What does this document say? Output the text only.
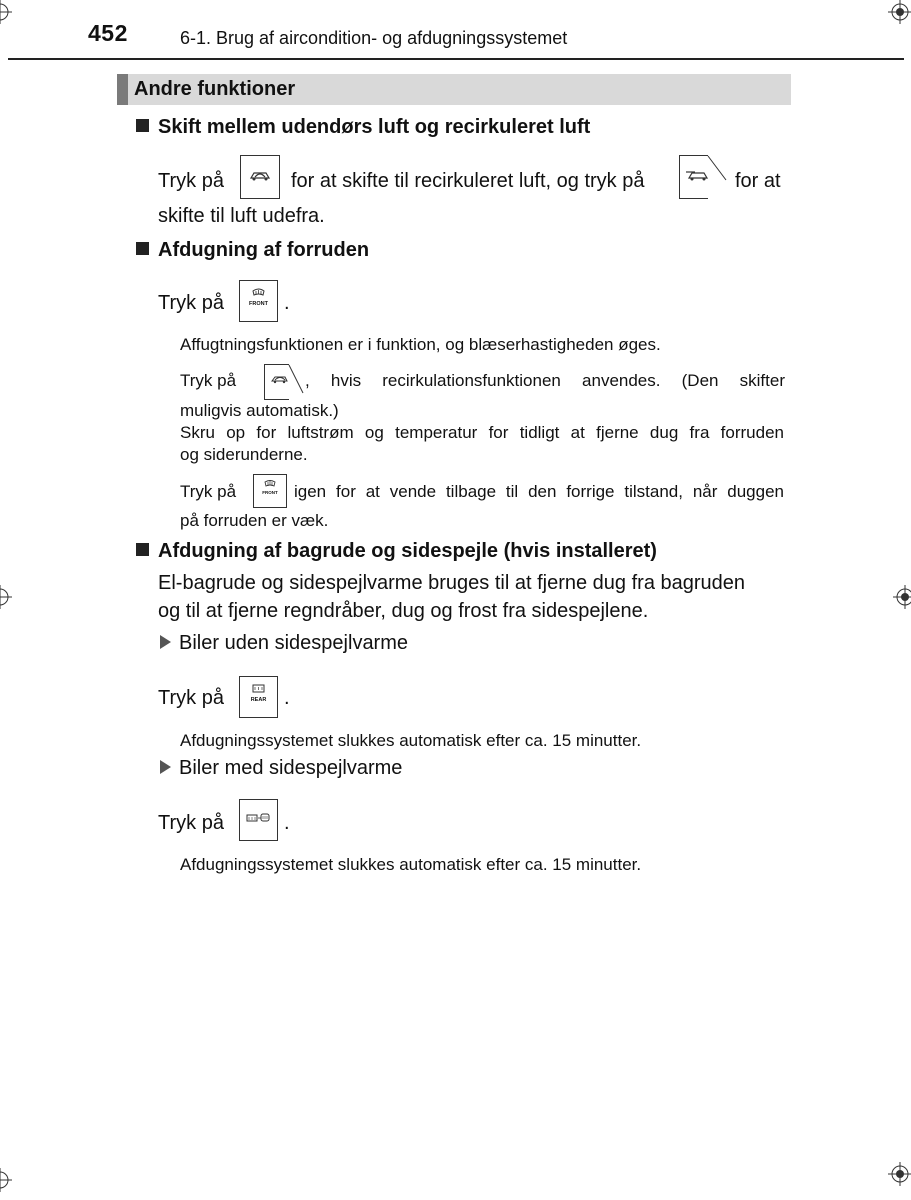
452	6-1. Brug af aircondition- og afdugningssystemet
Andre funktioner
Skift mellem udendørs luft og recirkuleret luft
Tryk på	for at skifte til recirkuleret luft, og tryk på	for at
skifte til luft udefra.
Afdugning af forruden
Tryk på	FRONT .
Affugtningsfunktionen er i funktion, og blæserhastigheden øges.
Tryk på	, hvis recirkulationsfunktionen anvendes. (Den skifter
muligvis automatisk.)
Skru op for luftstrøm og temperatur for tidligt at fjerne dug fra forruden
og siderunderne.
Tryk på	FRONT igen for at vende tilbage til den forrige tilstand, når duggen
på forruden er væk.
Afdugning af bagrude og sidespejle (hvis installeret)
El-bagrude og sidespejlvarme bruges til at fjerne dug fra bagruden
og til at fjerne regndråber, dug og frost fra sidespejlene.
Biler uden sidespejlvarme
Tryk på	REAR .
Afdugningssystemet slukkes automatisk efter ca. 15 minutter.
Biler med sidespejlvarme
Tryk på	.
Afdugningssystemet slukkes automatisk efter ca. 15 minutter.
